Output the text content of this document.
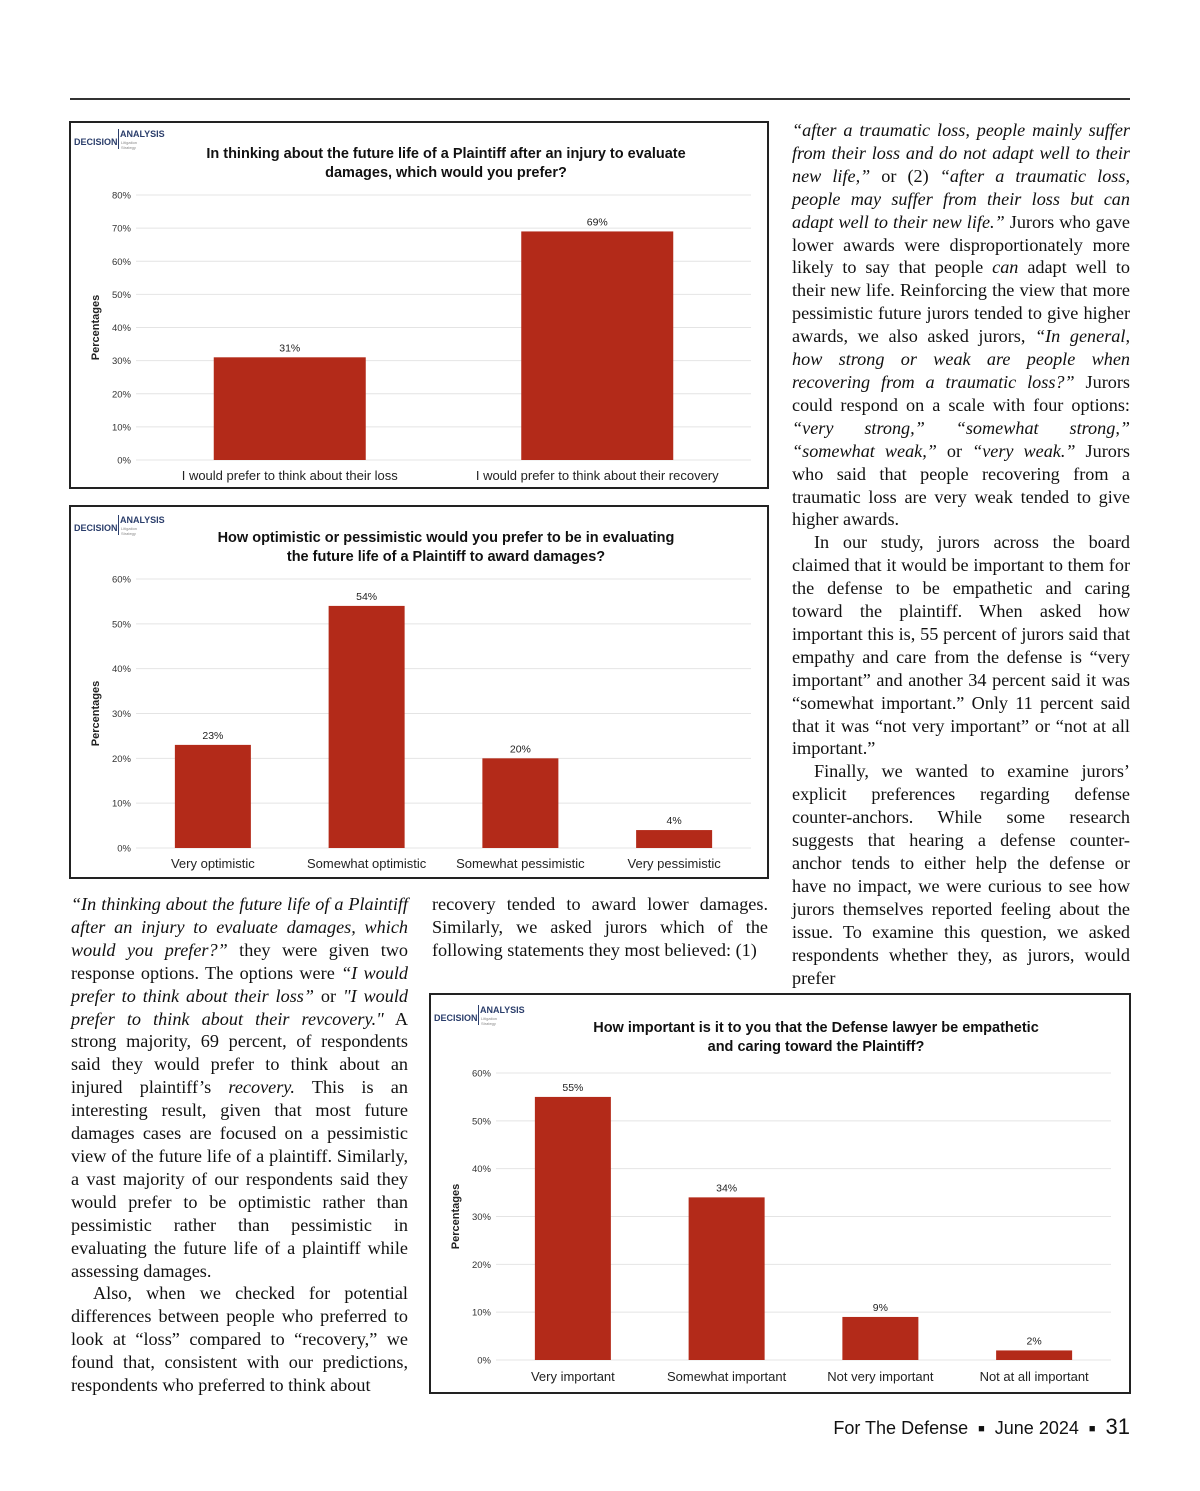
DECISION
ANALYSIS
Litigation Strategy	In thinking about the future life of a Plaintiff after an injury to evaluate
damages, which would you prefer?
0%
10%
20%
30%
40%
50%
60%
70%
80%
Percentages	31%
I would prefer to think about their loss
69%
I would prefer to think about their recovery
DECISION
ANALYSIS
Litigation Strategy	How optimistic or pessimistic would you prefer to be in evaluating
the future life of a Plaintiff to award damages?
0%
10%
20%
30%
40%
50%
60%
Percentages	23%
Very optimistic
54%
Somewhat optimistic
20%
Somewhat pessimistic
4%
Very pessimistic
DECISION
ANALYSIS
Litigation Strategy	How important is it to you that the Defense lawyer be empathetic
and caring toward the Plaintiff?
0%
10%
20%
30%
40%
50%
60%
Percentages
55%
Very important
34%
Somewhat important
9%
Not very important
2%
Not at all important

“In thinking about the future life of a Plaintiff after an injury to evaluate damages, which would you prefer?” they were given two response options. The options were “I would prefer to think about their loss” or "I would prefer to think about their revcovery." A strong majority, 69 percent, of respondents said they would prefer to think about an injured plaintiff’s recovery. This is an interesting result, given that most future damages cases are focused on a pessimistic view of the future life of a plaintiff. Similarly, a vast majority of our respondents said they would prefer to be optimistic rather than pessimistic rather than pessimistic in evaluating the future life of a plaintiff while assessing damages.

Also, when we checked for potential differences between people who preferred to look at “loss” compared to “recovery,” we found that, consistent with our predictions, respondents who preferred to think about

recovery tended to award lower damages. Similarly, we asked jurors which of the following statements they most believed: (1)

“after a traumatic loss, people mainly suffer from their loss and do not adapt well to their new life,” or (2) “after a traumatic loss, people may suffer from their loss but can adapt well to their new life.” Jurors who gave lower awards were disproportionately more likely to say that people can adapt well to their new life. Reinforcing the view that more pessimistic future jurors tended to give higher awards, we also asked jurors, “In general, how strong or weak are people when recovering from a traumatic loss?” Jurors could respond on a scale with four options: “very strong,” “somewhat strong,” “somewhat weak,” or “very weak.” Jurors who said that people recovering from a traumatic loss are very weak tended to give higher awards.

In our study, jurors across the board claimed that it would be important to them for the defense to be empathetic and caring toward the plaintiff. When asked how important this is, 55 percent of jurors said that empathy and care from the defense is “very important” and another 34 percent said it was “somewhat important.” Only 11 percent said that it was “not very important” or “not at all important.”

Finally, we wanted to examine jurors’ explicit preferences regarding defense counter-anchors. While some research suggests that hearing a defense counter-anchor tends to either help the defense or have no impact, we were curious to see how jurors themselves reported feeling about the issue. To examine this question, we asked respondents whether they, as jurors, would prefer

For The Defense ■ June 2024 ■ 31
